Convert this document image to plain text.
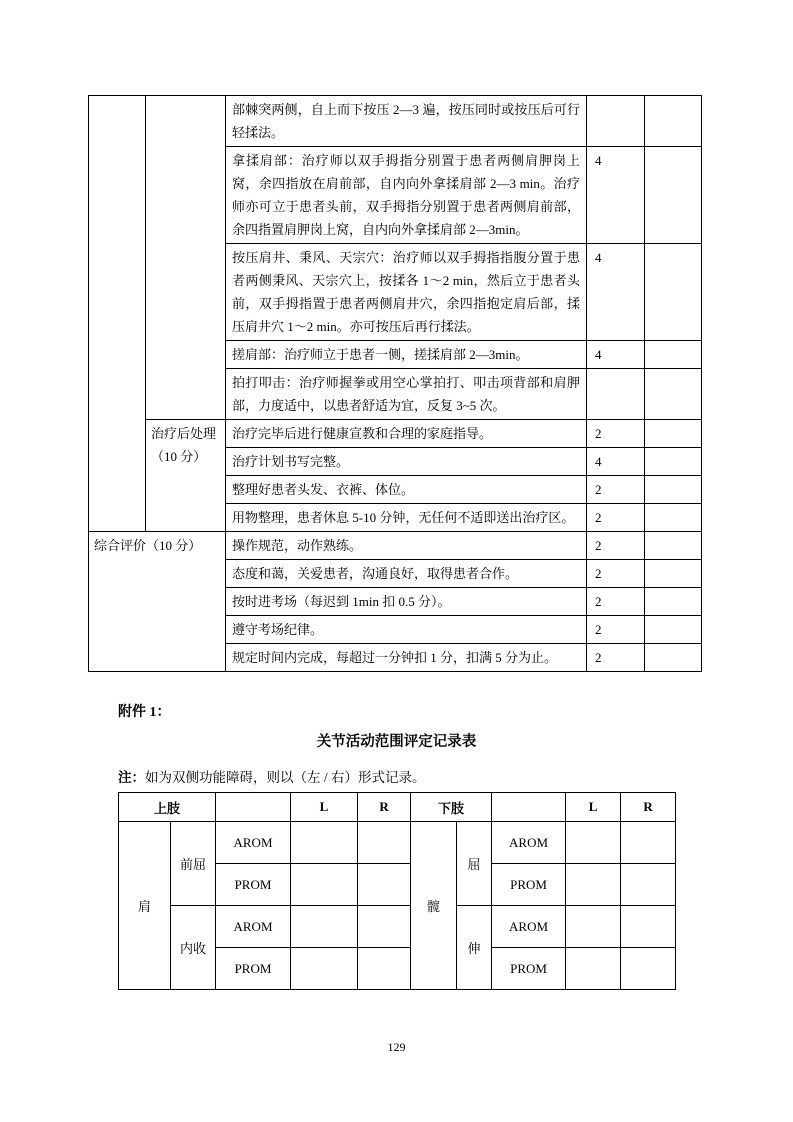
		部棘突两侧，自上而下按压 2—3 遍，按压同时或按压后可行轻揉法。		
		拿揉肩部：治疗师以双手拇指分别置于患者两侧肩胛岗上窝，余四指放在肩前部，自内向外拿揉肩部 2—3 min。治疗师亦可立于患者头前，双手拇指分别置于患者两侧肩前部，余四指置肩胛岗上窝，自内向外拿揉肩部 2—3min。	4	
		按压肩井、秉风、天宗穴：治疗师以双手拇指指腹分置于患者两侧秉风、天宗穴上，按揉各 1～2 min，然后立于患者头前，双手拇指置于患者两侧肩井穴，余四指抱定肩后部，揉压肩井穴 1～2 min。亦可按压后再行揉法。	4	
		搓肩部：治疗师立于患者一侧，搓揉肩部 2—3min。	4	
		拍打叩击：治疗师握拳或用空心掌拍打、叩击项背部和肩胛部，力度适中，以患者舒适为宜，反复 3~5 次。		
	治疗后处理（10 分）	治疗完毕后进行健康宣教和合理的家庭指导。	2	
		治疗计划书写完整。	4	
		整理好患者头发、衣裤、体位。	2	
		用物整理，患者休息 5-10 分钟，无任何不适即送出治疗区。	2	
综合评价（10 分）		操作规范，动作熟练。	2	
		态度和蔼，关爱患者，沟通良好，取得患者合作。	2	
		按时进考场（每迟到 1min 扣 0.5 分）。	2	
		遵守考场纪律。	2	
		规定时间内完成，每超过一分钟扣 1 分，扣满 5 分为止。	2	
附件 1：
关节活动范围评定记录表
注：如为双侧功能障碍，则以（左 / 右）形式记录。
上肢			L	R	下肢			L	R
肩	前屈	AROM			髋	屈	AROM		
		PROM					PROM		
	内收	AROM				伸	AROM		
		PROM					PROM		
129
